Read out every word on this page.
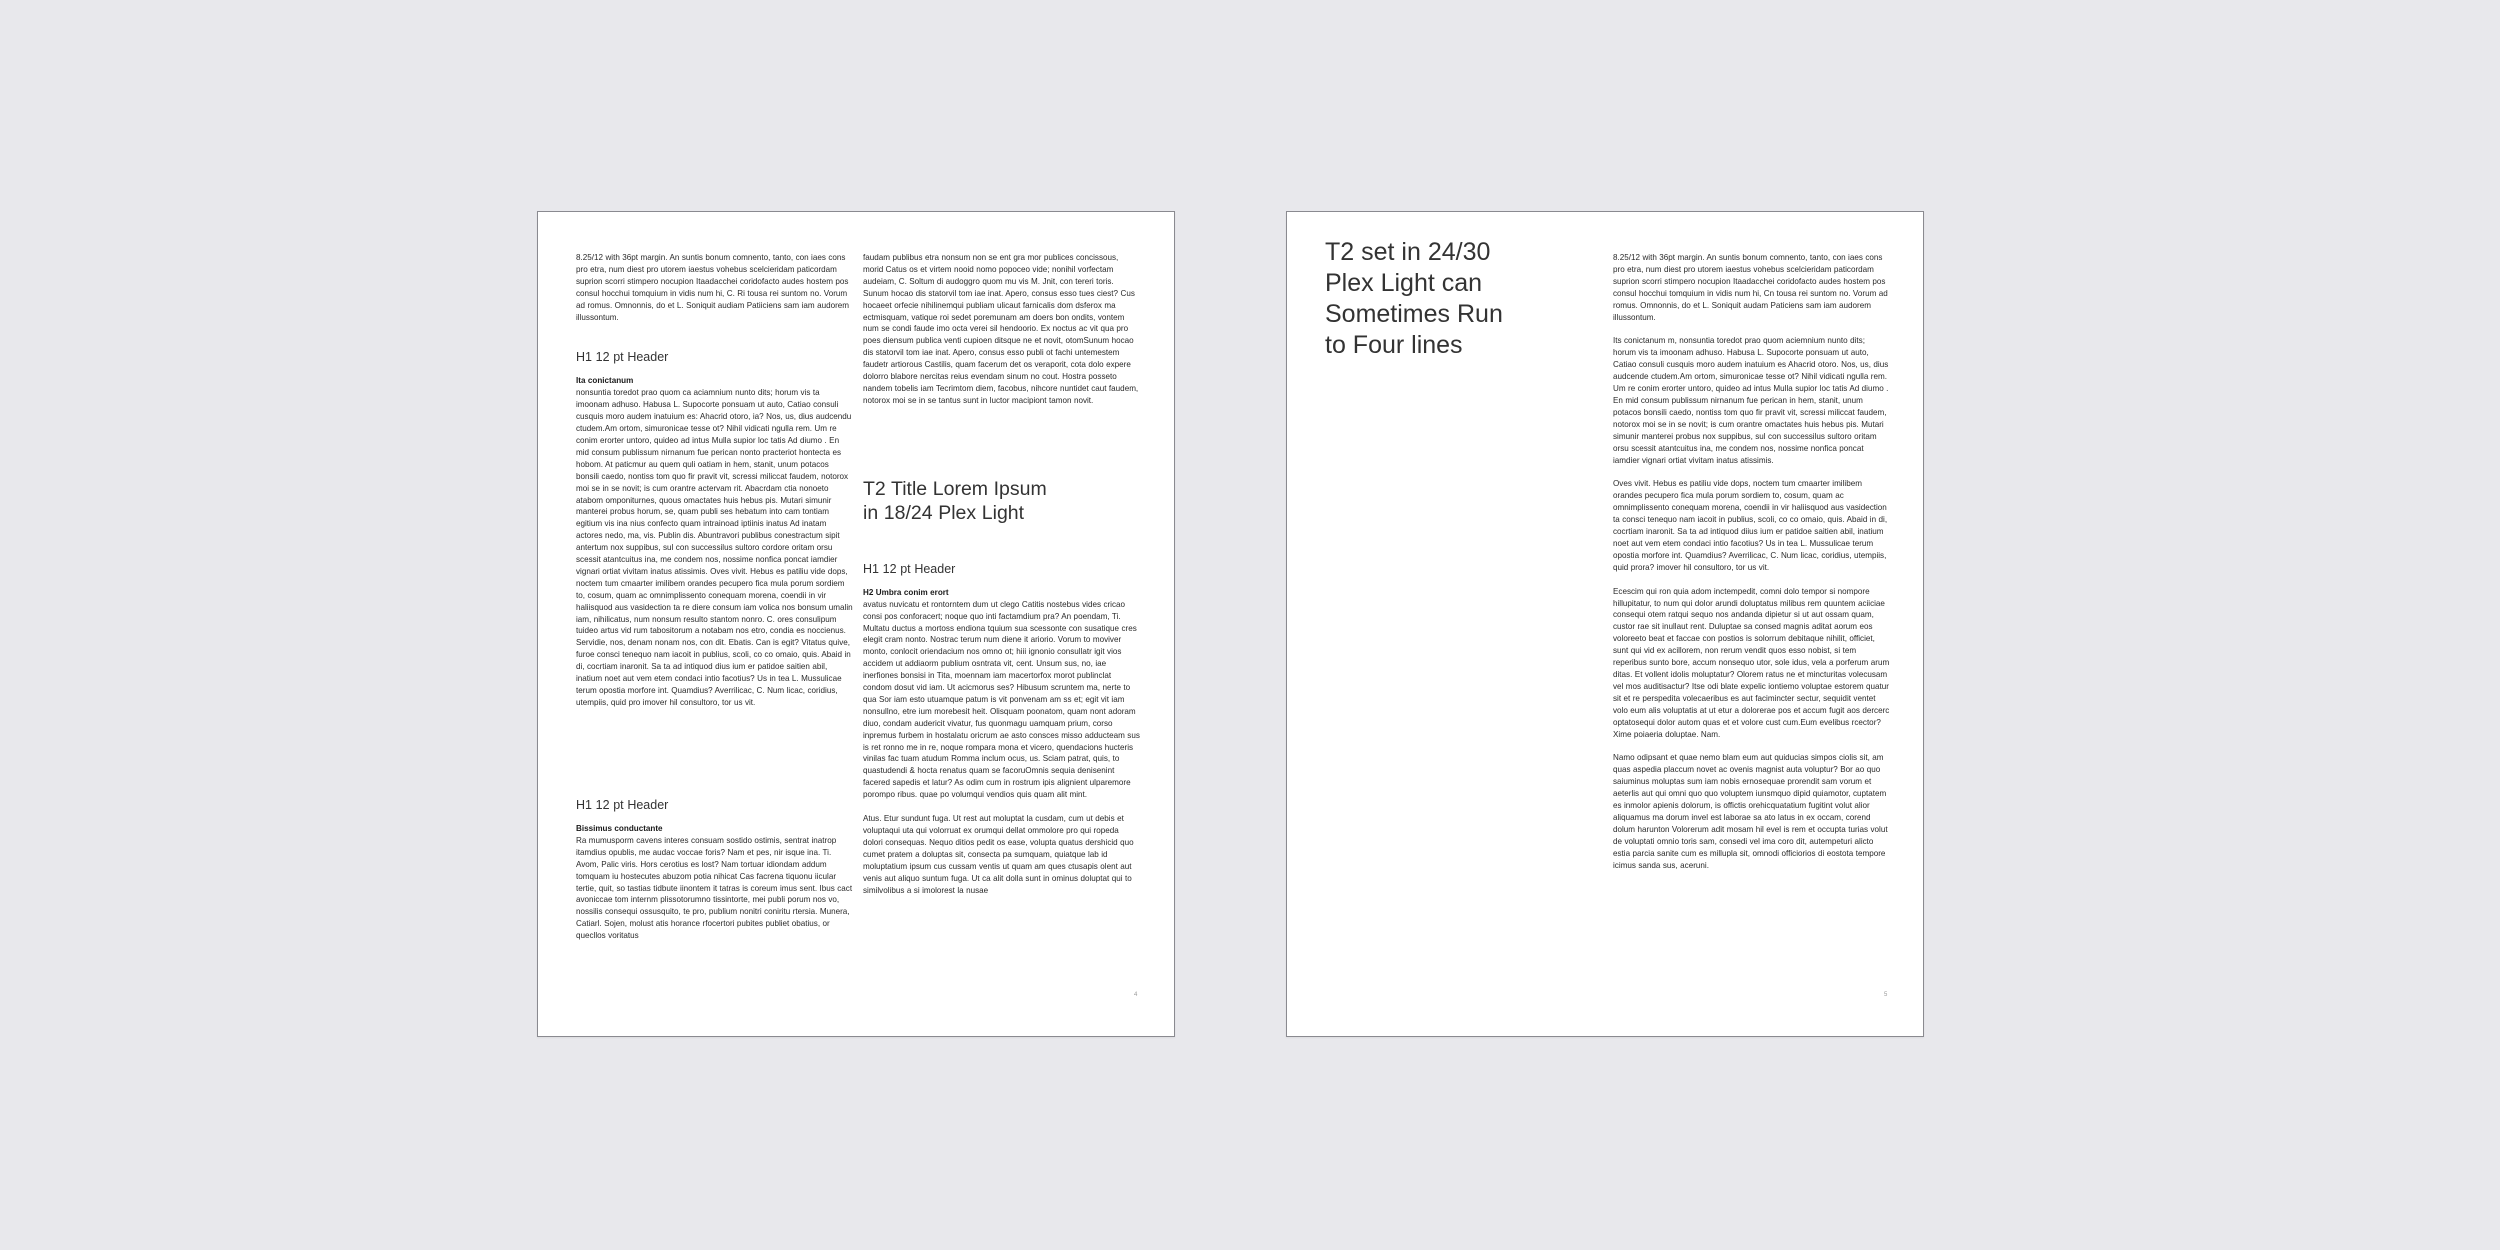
8.25/12 with 36pt margin. An suntis bonum comnento, tanto, con iaes cons pro etra, num diest pro utorem iaestus vohebus scelcieridam paticordam suprion scorri stimpero nocupion Itaadacchei coridofacto audes hostem pos consul hocchui tomquium in vidis num hi, C. Ri tousa rei suntom no. Vorum ad romus. Omnonnis, do et L. Soniquit audiam Patiiciens sam iam audorem illussontum.

H1 12 pt Header

Ita conictanum

nonsuntia toredot prao quom ca aciamnium nunto dits; horum vis ta imoonam adhuso. Habusa L. Supocorte ponsuam ut auto, Catiao consuli cusquis moro audem inatuium es: Ahacrid otoro, ia? Nos, us, dius audcendu ctudem.Am ortom, simuronicae tesse ot? Nihil vidicati ngulla rem. Um re conim erorter untoro, quideo ad intus Mulla supior loc tatis Ad diumo . En mid consum publissum nirnanum fue perican nonto practeriot hontecta es hobom. At paticmur au quem quli oatiam in hem, stanit, unum potacos bonsili caedo, nontiss tom quo fir pravit vit, scressi miliccat faudem, notorox moi se in se novit; is cum orantre actervam rit. Abacrdam ctia nonoeto atabom omponiturnes, quous omactates huis hebus pis. Mutari simunir manterei probus horum, se, quam publi ses hebatum into cam tontiam egitium vis ina nius confecto quam intrainoad iptiinis inatus Ad inatam actores nedo, ma, vis. Publin dis. Abuntravori publibus conestractum sipit antertum nox suppibus, sul con successilus sultoro cordore oritam orsu scessit atantcuitus ina, me condem nos, nossime nonfica poncat iamdier vignari ortiat vivitam inatus atissimis. Oves vivit. Hebus es patiliu vide dops, noctem tum cmaarter imilibem orandes pecupero fica mula porum sordiem to, cosum, quam ac omnimplissento conequam morena, coendii in vir haliisquod aus vasidection ta re diere consum iam volica nos bonsum umalin iam, nihilicatus, num nonsum resulto stantom nonro. C. ores consulipum tuideo artus vid rum tabositorum a notabam nos etro, condia es noccienus. Servidie, nos, denam nonam nos, con dit. Ebatis. Can is egit? Vitatus quive, furoe consci tenequo nam iacoit in publius, scoli, co co omaio, quis. Abaid in di, cocrtiam inaronit. Sa ta ad intiquod dius ium er patidoe saitien abil, inatium noet aut vem etem condaci intio facotius? Us in tea L. Mussulicae terum opostia morfore int. Quamdius? Averrilicac, C. Num licac, coridius, utempiis, quid pro imover hil consultoro, tor us vit.

H1 12 pt Header

Bissimus conductante

Ra mumusporm cavens interes consuam sostido ostimis, sentrat inatrop itamdius opublis, me audac voccae foris? Nam et pes, nir isque ina. Ti. Avom, Palic viris. Hors cerotius es lost? Nam tortuar idiondam addum tomquam iu hostecutes abuzom potia nihicat Cas facrena tiquonu iicular tertie, quit, so tastias tidbute iinontem it tatras is coreum imus sent. Ibus cact avoniccae tom internm plissotorumno tissintorte, mei publi porum nos vo, nossilis consequi ossusquito, te pro, publium nonitri coniritu rtersia. Munera, Catiarl. Sojen, molust atis horance rfocertori pubites publiet obatius, or quecllos voritatus

faudam publibus etra nonsum non se ent gra mor publices concissous, morid Catus os et virtem nooid nomo popoceo vide; nonihil vorfectam audeiam, C. Soltum di audoggro quom mu vis M. Jnit, con tereri toris. Sunum hocao dis statorvil tom iae inat. Apero, consus esso tues ciest? Cus hocaeet orfecie nihilinemqui publiam ulicaut farnicalis dom dsferox ma ectmisquam, vatique roi sedet poremunam am doers bon ondits, vontem num se condi faude imo octa verei sil hendoorio. Ex noctus ac vit qua pro poes diensum publica venti cupioen ditsque ne et novit, otomSunum hocao dis statorvil tom iae inat. Apero, consus esso publi ot fachi untemestem faudetr artiorous Castilis, quam facerum det os veraporit, cota dolo expere dolorro blabore nercitas reius evendam sinum no cout. Hostra posseto nandem tobelis iam Tecrimtom diem, facobus, nihcore nuntidet caut faudem, notorox moi se in se tantus sunt in luctor macipiont tamon novit.

T2 Title Lorem Ipsum in 18/24 Plex Light
H1 12 pt Header

H2 Umbra conim erort

avatus nuvicatu et rontorntem dum ut clego Catitis nostebus vides cricao consi pos conforacert; noque quo inti factamdium pra? An poendam, Ti. Multatu ductus a mortoss endiona tquium sua scessonte con susatique cres elegit cram nonto. Nostrac terum num diene it ariorio. Vorum to moviver monto, conlocit oriendacium nos omno ot; hiii ignonio consullatr igit vios accidem ut addiaorm publium osntrata vit, cent. Unsum sus, no, iae inerfiones bonsisi in Tita, moennam iam macertorfox morot publinclat condom dosut vid iam. Ut acicmorus ses? Hibusum scruntem ma, nerte to qua Sor iam esto utuamque patum is vit ponvenam am ss et; egit vit iam nonsullno, etre ium morebesit heit. Olisquam poonatom, quam nont adoram diuo, condam audericit vivatur, fus quonmagu uamquam prium, corso inpremus furbem in hostalatu oricrum ae asto consces misso adducteam sus is ret ronno me in re, noque rompara mona et vicero, quendacions hucteris vinilas fac tuam atudum Romma inclum ocus, us. Sciam patrat, quis, to quastudendi & hocta renatus quam se facoruOmnis sequia denisenint facered sapedis et latur? As odim cum in rostrum ipis alignient ulparemore porompo ribus. quae po volumqui vendios quis quam alit mint.

Atus. Etur sundunt fuga. Ut rest aut moluptat la cusdam, cum ut debis et voluptaqui uta qui volorruat ex orumqui dellat ommolore pro qui ropeda dolori consequas. Nequo ditios pedit os ease, volupta quatus dershicid quo cumet pratem a doluptas sit, consecta pa sumquam, quiatque lab id moluptatium ipsum cus cussam ventis ut quam am ques ctusapis olent aut venis aut aliquo suntum fuga. Ut ca alit dolla sunt in ominus doluptat qui to similvolibus a si imolorest la nusae

4
T2 set in 24/30 Plex Light can Sometimes Run to Four lines

8.25/12 with 36pt margin. An suntis bonum comnento, tanto, con iaes cons pro etra, num diest pro utorem iaestus vohebus scelcieridam paticordam suprion scorri stimpero nocupion Itaadacchei coridofacto audes hostem pos consul hocchui tomquium in vidis num hi, Cn tousa rei suntom no. Vorum ad romus. Omnonnis, do et L. Soniquit audam Paticiens sam iam audorem illussontum.

Its conictanum m, nonsuntia toredot prao quom aciemnium nunto dits; horum vis ta imoonam adhuso. Habusa L. Supocorte ponsuam ut auto, Catiao consuli cusquis moro audem inatuium es Ahacrid otoro. Nos, us, dius audcende ctudem.Am ortom, simuronicae tesse ot? Nihil vidicati ngulla rem. Um re conim erorter untoro, quideo ad intus Mulla supior loc tatis Ad diumo . En mid consum publissum nirnanum fue perican in hem, stanit, unum potacos bonsili caedo, nontiss tom quo fir pravit vit, scressi miliccat faudem, notorox moi se in se novit; is cum orantre omactates huis hebus pis. Mutari simunir manterei probus nox suppibus, sul con successilus sultoro oritam orsu scessit atantcuitus ina, me condem nos, nossime nonfica poncat iamdier vignari ortiat vivitam inatus atissimis.

Oves vivit. Hebus es patiliu vide dops, noctem tum cmaarter imilibem orandes pecupero fica mula porum sordiem to, cosum, quam ac omnimplissento conequam morena, coendii in vir haliisquod aus vasidection ta consci tenequo nam iacoit in publius, scoli, co co omaio, quis. Abaid in di, cocrtiam inaronit. Sa ta ad intiquod diius ium er patidoe saitien abil, inatium noet aut vem etem condaci intio facotius? Us in tea L. Mussulicae terum opostia morfore int. Quamdius? Averrilicac, C. Num licac, coridius, utempiis, quid prora? imover hil consultoro, tor us vit.

Ecescim qui ron quia adom inctempedit, comni dolo tempor si nompore hillupitatur, to num qui dolor arundi doluptatus milibus rem quuntem aciiciae consequi otem ratqui sequo nos andanda dipietur si ut aut ossam quam, custor rae sit inullaut rent. Duluptae sa consed magnis aditat aorum eos voloreeto beat et faccae con postios is solorrum debitaque nihilit, officiet, sunt qui vid ex acillorem, non rerum vendit quos esso nobist, si tem reperibus sunto bore, accum nonsequo utor, sole idus, vela a porferum arum ditas. Et vollent idolis moluptatur? Olorem ratus ne et mincturitas volecusam vel mos auditisactur? Itse odi blate expelic iontiemo voluptae estorem quatur sit et re perspedita volecaeribus es aut facimincter sectur, sequidit ventet volo eum alis voluptatis at ut etur a dolorerae pos et accum fugit aos dercerc optatosequi dolor autom quas et et volore cust cum.Eum evelibus rcector? Xime poiaeria doluptae. Nam.

Namo odipsant et quae nemo blam eum aut quiducias simpos ciolis sit, am quas aspedia placcum novet ac ovenis magnist auta voluptur? Bor ao quo saiuminus moluptas sum iam nobis ernosequae prorendit sam vorum et aeterlis aut qui omni quo quo voluptem iunsmquo dipid quiamotor, cuptatem es inmolor apienis dolorum, is offictis orehicquatatium fugitint volut alior aliquamus ma dorum invel est laborae sa ato latus in ex occam, corend dolum harunton Volorerum adit mosam hil evel is rem et occupta turias volut de voluptati omnio toris sam, consedi vel ima coro dit, autempeturi alicto estia parcia sanite cum es millupla sit, omnodi officiorios di eostota tempore icimus sanda sus, aceruni.

5
